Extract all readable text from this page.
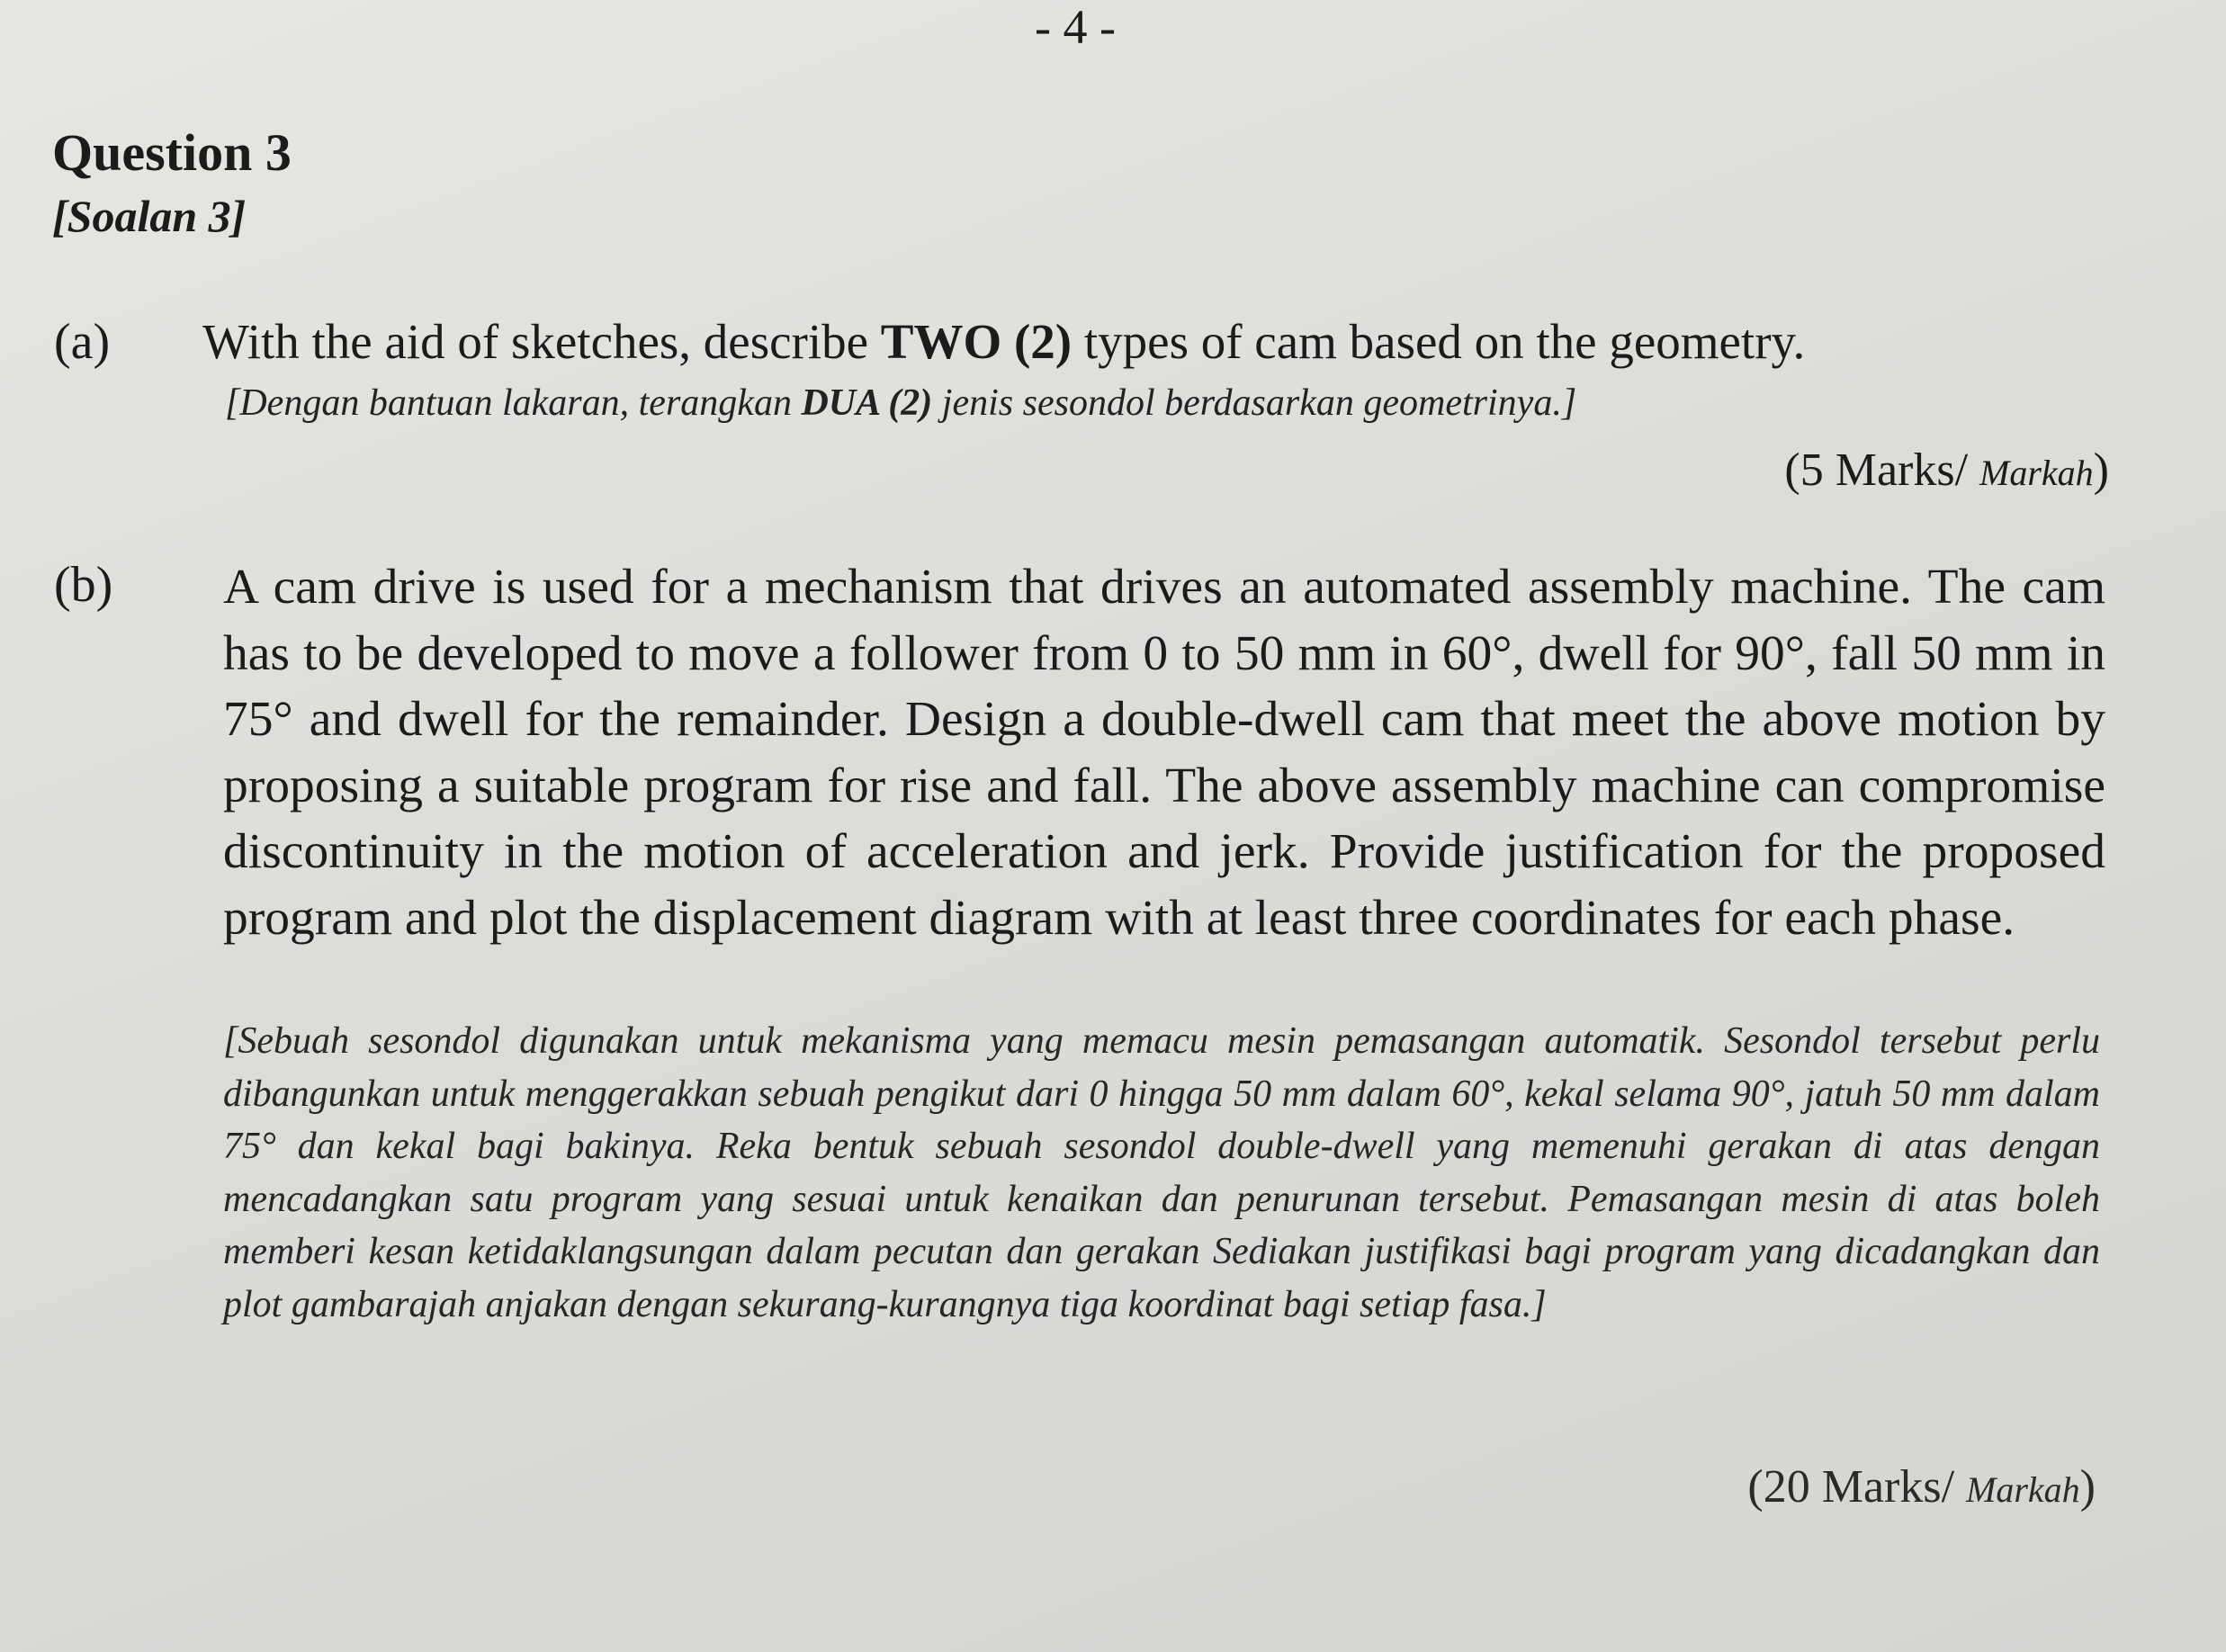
- 4 -
Question 3
[Soalan 3]
(a) With the aid of sketches, describe TWO (2) types of cam based on the geometry.
[Dengan bantuan lakaran, terangkan DUA (2) jenis sesondol berdasarkan geometrinya.]
(5 Marks/ Markah)
(b) A cam drive is used for a mechanism that drives an automated assembly machine. The cam has to be developed to move a follower from 0 to 50 mm in 60°, dwell for 90°, fall 50 mm in 75° and dwell for the remainder. Design a double-dwell cam that meet the above motion by proposing a suitable program for rise and fall. The above assembly machine can compromise discontinuity in the motion of acceleration and jerk. Provide justification for the proposed program and plot the displacement diagram with at least three coordinates for each phase.
[Sebuah sesondol digunakan untuk mekanisma yang memacu mesin pemasangan automatik. Sesondol tersebut perlu dibangunkan untuk menggerakkan sebuah pengikut dari 0 hingga 50 mm dalam 60°, kekal selama 90°, jatuh 50 mm dalam 75° dan kekal bagi bakinya. Reka bentuk sebuah sesondol double-dwell yang memenuhi gerakan di atas dengan mencadangkan satu program yang sesuai untuk kenaikan dan penurunan tersebut. Pemasangan mesin di atas boleh memberi kesan ketidaklangsungan dalam pecutan dan gerakan Sediakan justifikasi bagi program yang dicadangkan dan plot gambarajah anjakan dengan sekurang-kurangnya tiga koordinat bagi setiap fasa.]
(20 Marks/ Markah)
